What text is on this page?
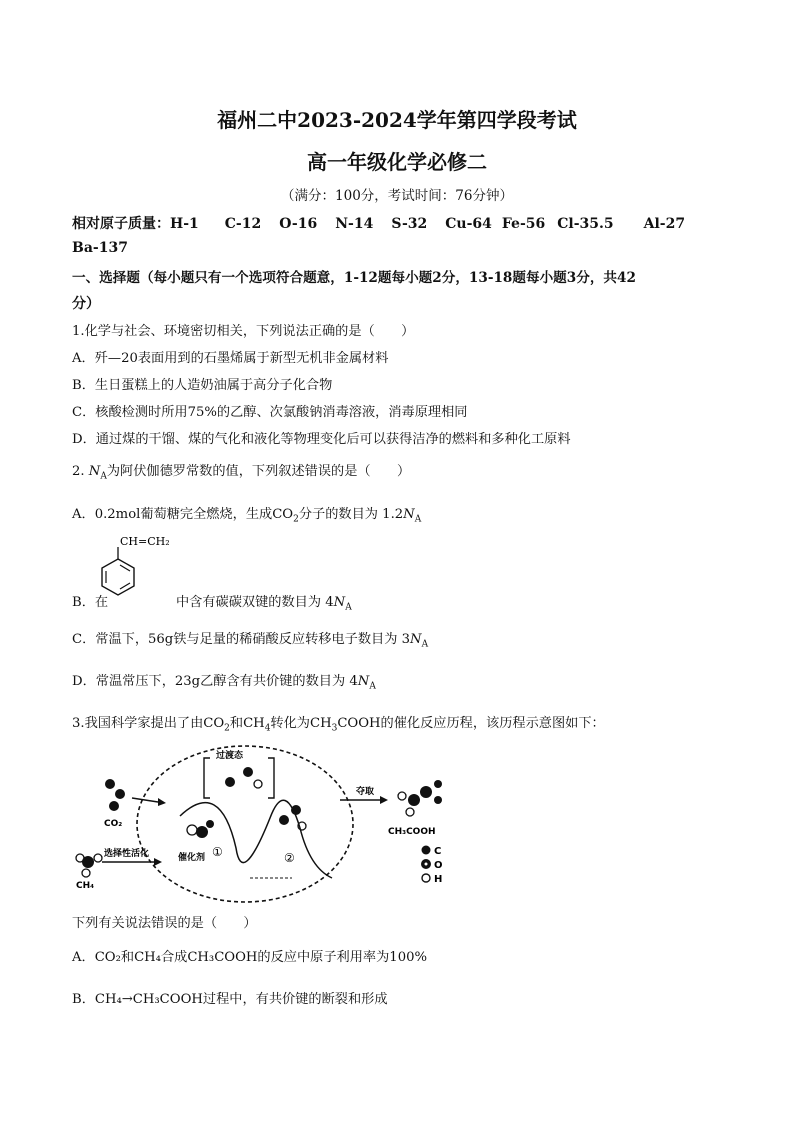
福州二中2023-2024学年第四学段考试
高一年级化学必修二
（满分：100分，考试时间：76分钟）
相对原子质量：H-1 C-12 O-16 N-14 S-32 Cu-64 Fe-56 Cl-35.5 Al-27
Ba-137
一、选择题（每小题只有一个选项符合题意，1-12题每小题2分，13-18题每小题3分，共42
分）
1.化学与社会、环境密切相关，下列说法正确的是（　　）
A．歼—20表面用到的石墨烯属于新型无机非金属材料
B．生日蛋糕上的人造奶油属于高分子化合物
C．核酸检测时所用75%的乙醇、次氯酸钠消毒溶液，消毒原理相同
D．通过煤的干馏、煤的气化和液化等物理变化后可以获得洁净的燃料和多种化工原料
2. $N_A$为阿伏伽德罗常数的值，下列叙述错误的是（　　）
A．0.2mol葡萄糖完全燃烧，生成$CO_2$分子的数目为 $1.2N_A$
CH=CH₂
B．在	中含有碳碳双键的数目为 $4N_A$
C．常温下，56g铁与足量的稀硝酸反应转移电子数目为 $3N_A$
D．常温常压下，23g乙醇含有共价键的数目为 $4N_A$
3.我国科学家提出了由$CO_2$和$CH_4$转化为$CH_3COOH$的催化反应历程，该历程示意图如下：
CO₂
CH₄
选择性活化	催化剂 ①
过渡态
②
夺取
CH₃COOH
C
O
H
下列有关说法错误的是（　　）
A．CO₂和CH₄合成CH₃COOH的反应中原子利用率为100%
B．CH₄→CH₃COOH过程中，有共价键的断裂和形成
